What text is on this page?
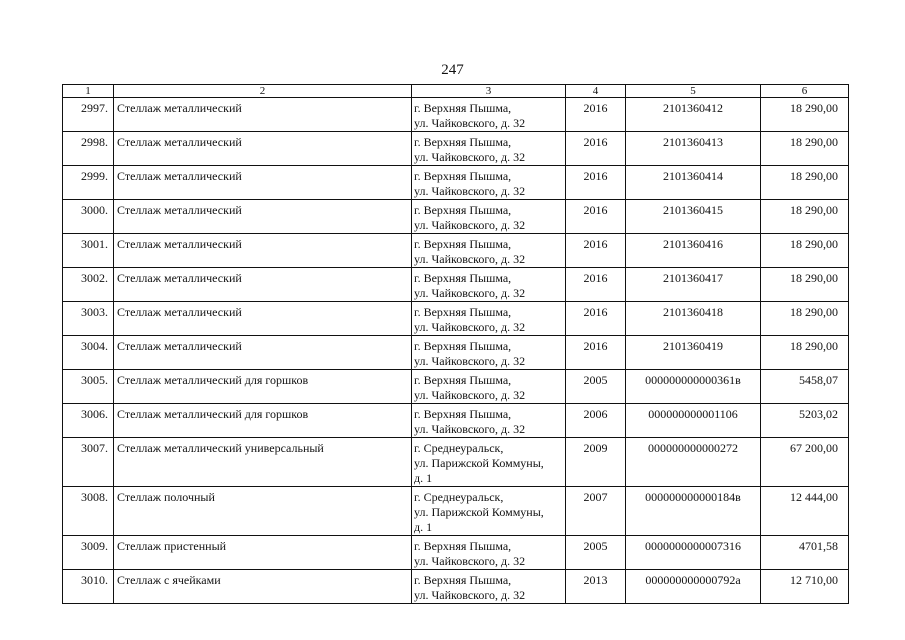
247
1	2	3	4	5	6
2997.	Стеллаж металлический	г. Верхняя Пышма,
ул. Чайковского, д. 32	2016	2101360412	18 290,00
2998.	Стеллаж металлический	г. Верхняя Пышма,
ул. Чайковского, д. 32	2016	2101360413	18 290,00
2999.	Стеллаж металлический	г. Верхняя Пышма,
ул. Чайковского, д. 32	2016	2101360414	18 290,00
3000.	Стеллаж металлический	г. Верхняя Пышма,
ул. Чайковского, д. 32	2016	2101360415	18 290,00
3001.	Стеллаж металлический	г. Верхняя Пышма,
ул. Чайковского, д. 32	2016	2101360416	18 290,00
3002.	Стеллаж металлический	г. Верхняя Пышма,
ул. Чайковского, д. 32	2016	2101360417	18 290,00
3003.	Стеллаж металлический	г. Верхняя Пышма,
ул. Чайковского, д. 32	2016	2101360418	18 290,00
3004.	Стеллаж металлический	г. Верхняя Пышма,
ул. Чайковского, д. 32	2016	2101360419	18 290,00
3005.	Стеллаж металлический для горшков	г. Верхняя Пышма,
ул. Чайковского, д. 32	2005	000000000000361в	5458,07
3006.	Стеллаж металлический для горшков	г. Верхняя Пышма,
ул. Чайковского, д. 32	2006	000000000001106	5203,02
3007.	Стеллаж металлический универсальный	г. Среднеуральск,
ул. Парижской Коммуны,
д. 1	2009	000000000000272	67 200,00
3008.	Стеллаж полочный	г. Среднеуральск,
ул. Парижской Коммуны,
д. 1	2007	000000000000184в	12 444,00
3009.	Стеллаж пристенный	г. Верхняя Пышма,
ул. Чайковского, д. 32	2005	0000000000007316	4701,58
3010.	Стеллаж с ячейками	г. Верхняя Пышма,
ул. Чайковского, д. 32	2013	000000000000792а	12 710,00
